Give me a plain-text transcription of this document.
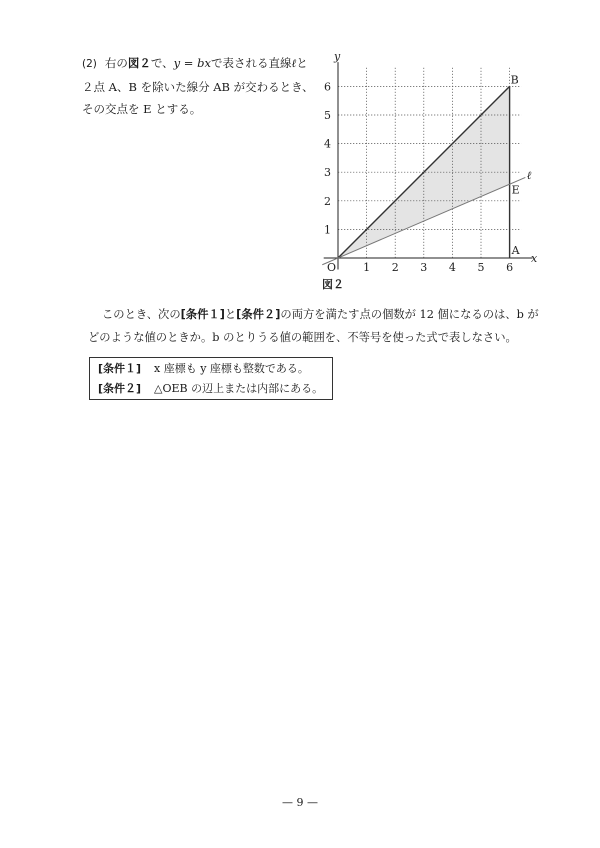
(2) 右の図２で、y = bxで表される直線ℓと２点 A、B を除いた線分 AB が交わるとき、その交点を E とする。
1 2 3 4 5 6
1
2
3
4
5
6
O
x
y
A
B
E
ℓ
図２
このとき、次の[条件１]と[条件２]の両方を満たす点の個数が 12 個になるのは、b がどのような値のときか。b のとりうる値の範囲を、不等号を使った式で表しなさい。
[条件１] x 座標も y 座標も整数である。
[条件２] △OEB の辺上または内部にある。
— 9 —
